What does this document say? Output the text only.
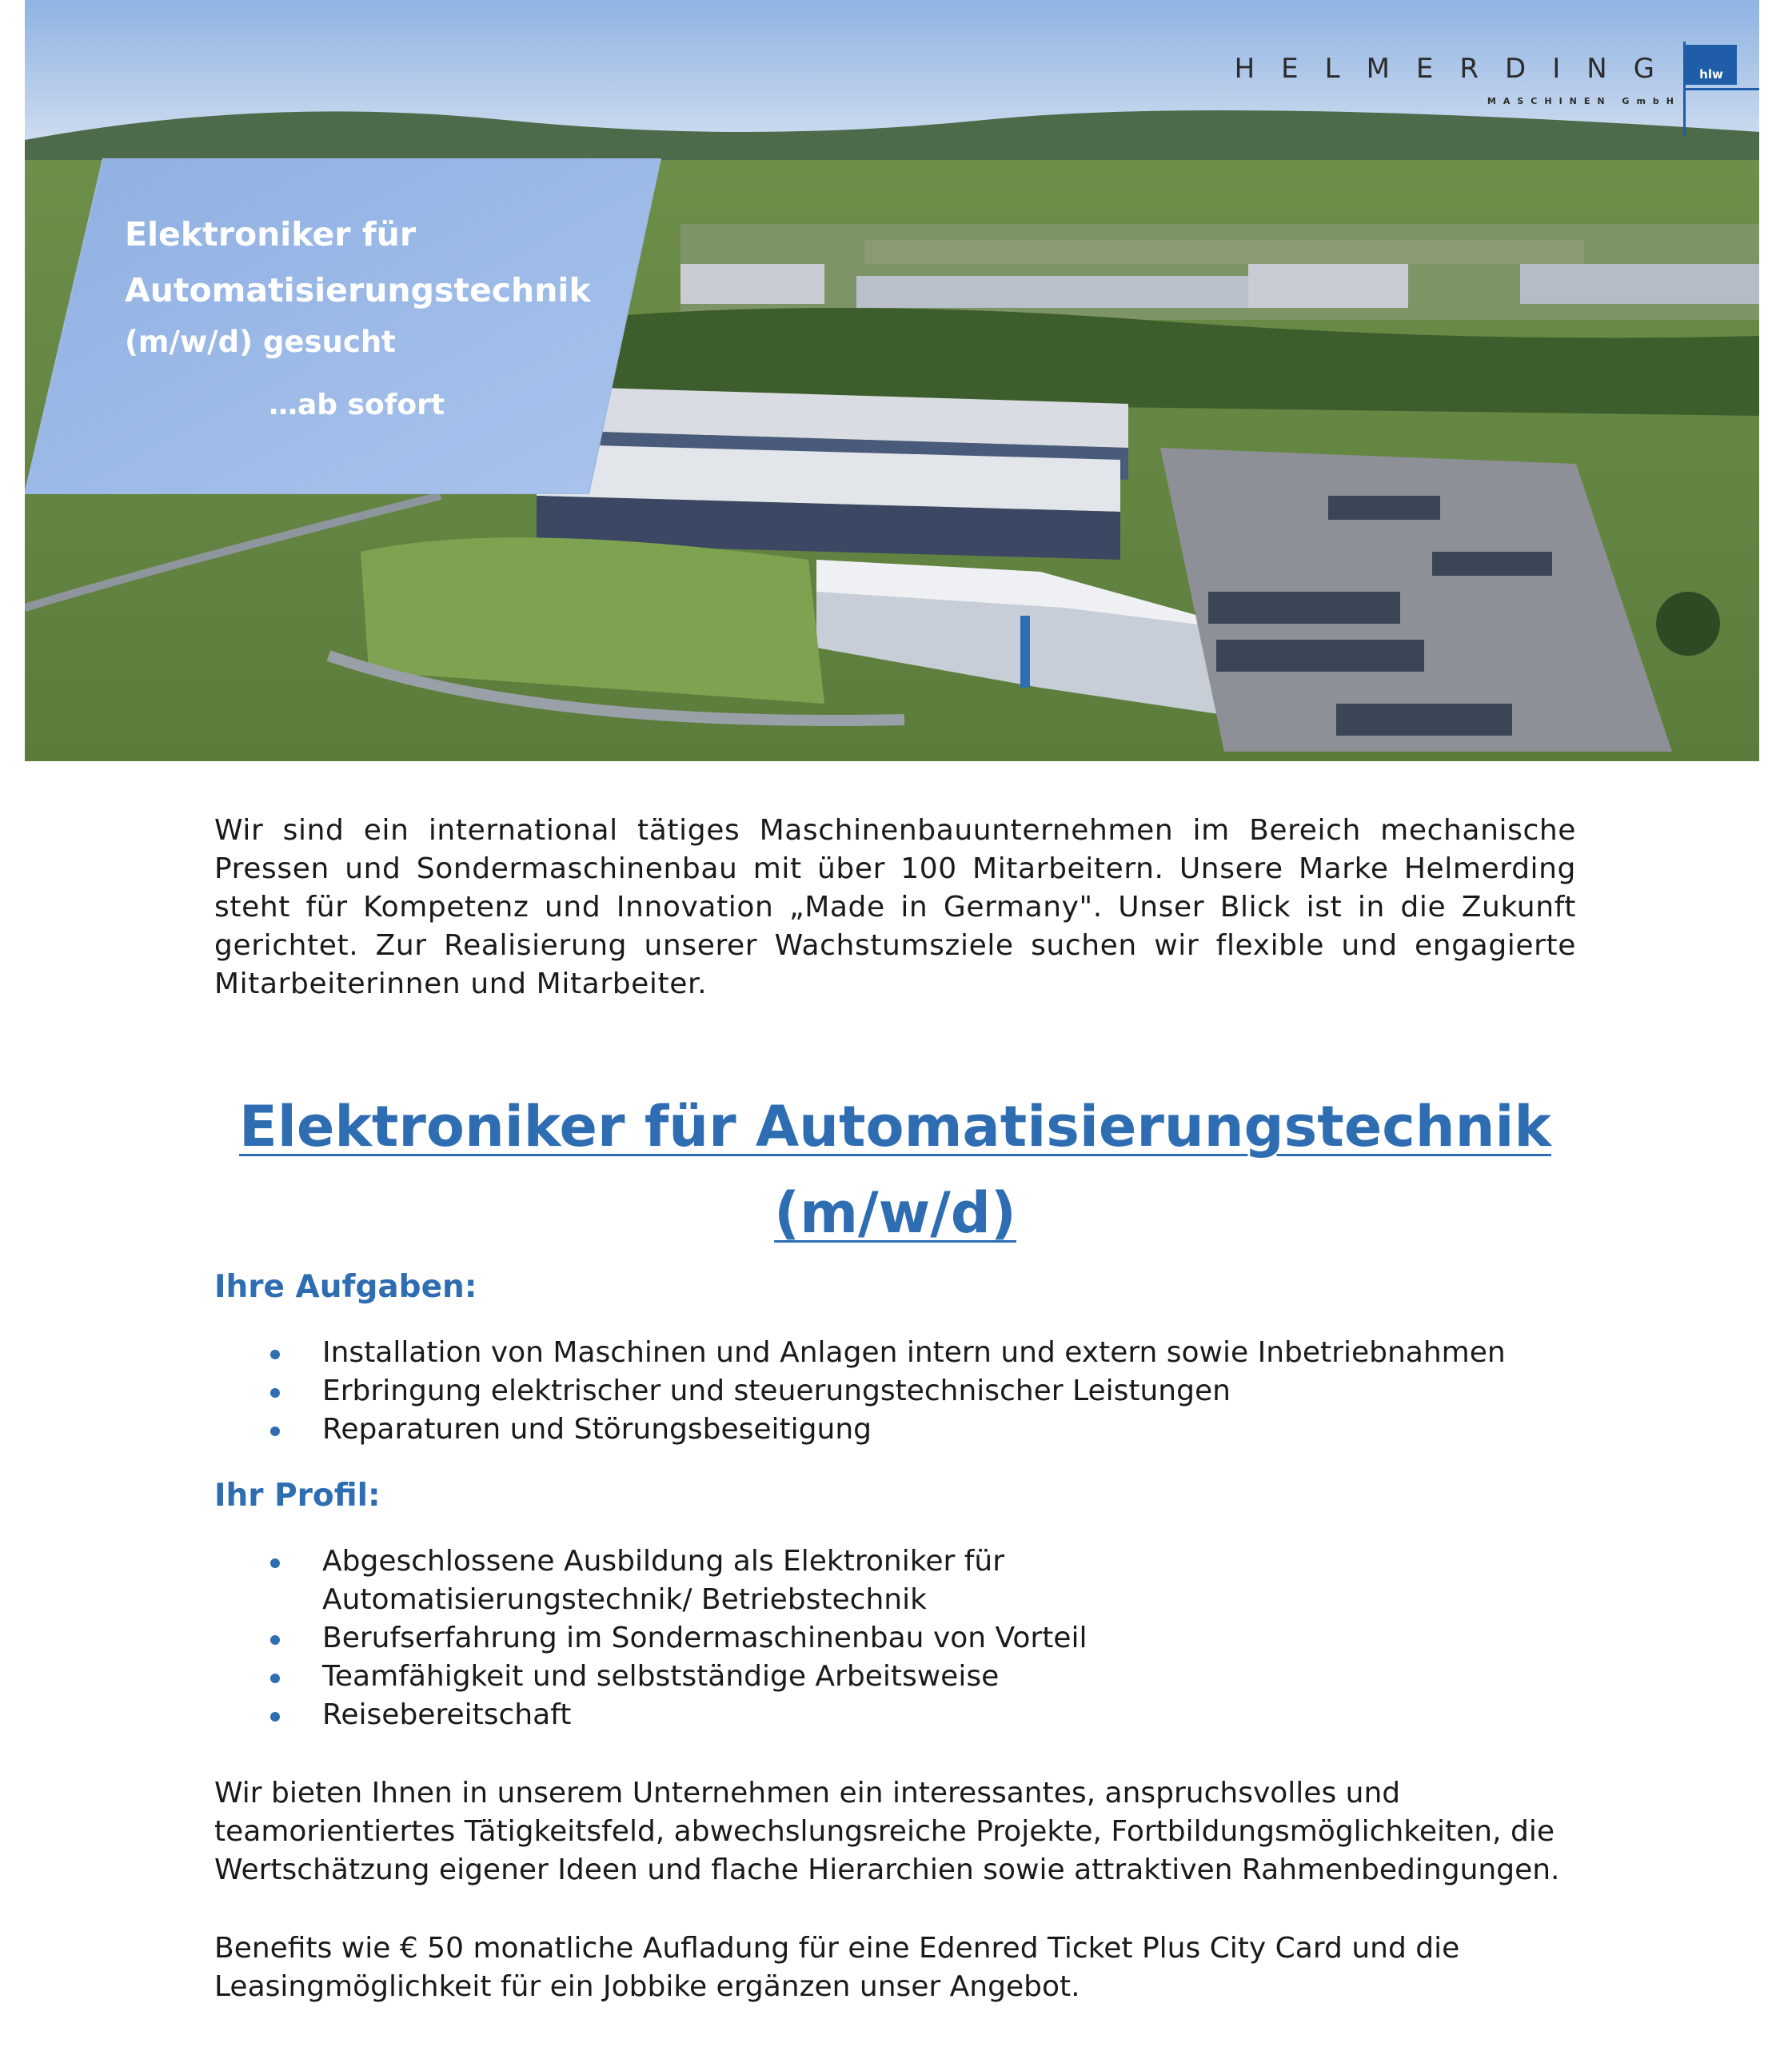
HELMERDING
MASCHINEN GmbH
hlw
Elektroniker für
Automatisierungstechnik
(m/w/d) gesucht
…ab sofort

Wir sind ein international tätiges Maschinenbauunternehmen im Bereich mechanische Pressen und Sondermaschinenbau mit über 100 Mitarbeitern. Unsere Marke Helmerding steht für Kompetenz und Innovation „Made in Germany". Unser Blick ist in die Zukunft gerichtet. Zur Realisierung unserer Wachstumsziele suchen wir flexible und engagierte Mitarbeiterinnen und Mitarbeiter.

Elektroniker für Automatisierungstechnik
(m/w/d)
Ihre Aufgaben:
Installation von Maschinen und Anlagen intern und extern sowie Inbetriebnahmen
Erbringung elektrischer und steuerungstechnischer Leistungen
Reparaturen und Störungsbeseitigung
Ihr Profil:
Abgeschlossene Ausbildung als Elektroniker für Automatisierungstechnik/ Betriebstechnik
Berufserfahrung im Sondermaschinenbau von Vorteil
Teamfähigkeit und selbstständige Arbeitsweise
Reisebereitschaft

Wir bieten Ihnen in unserem Unternehmen ein interessantes, anspruchsvolles und teamorientiertes Tätigkeitsfeld, abwechslungsreiche Projekte, Fortbildungsmöglichkeiten, die Wertschätzung eigener Ideen und flache Hierarchien sowie attraktiven Rahmenbedingungen.

Benefits wie € 50 monatliche Aufladung für eine Edenred Ticket Plus City Card und die Leasingmöglichkeit für ein Jobbike ergänzen unser Angebot.
